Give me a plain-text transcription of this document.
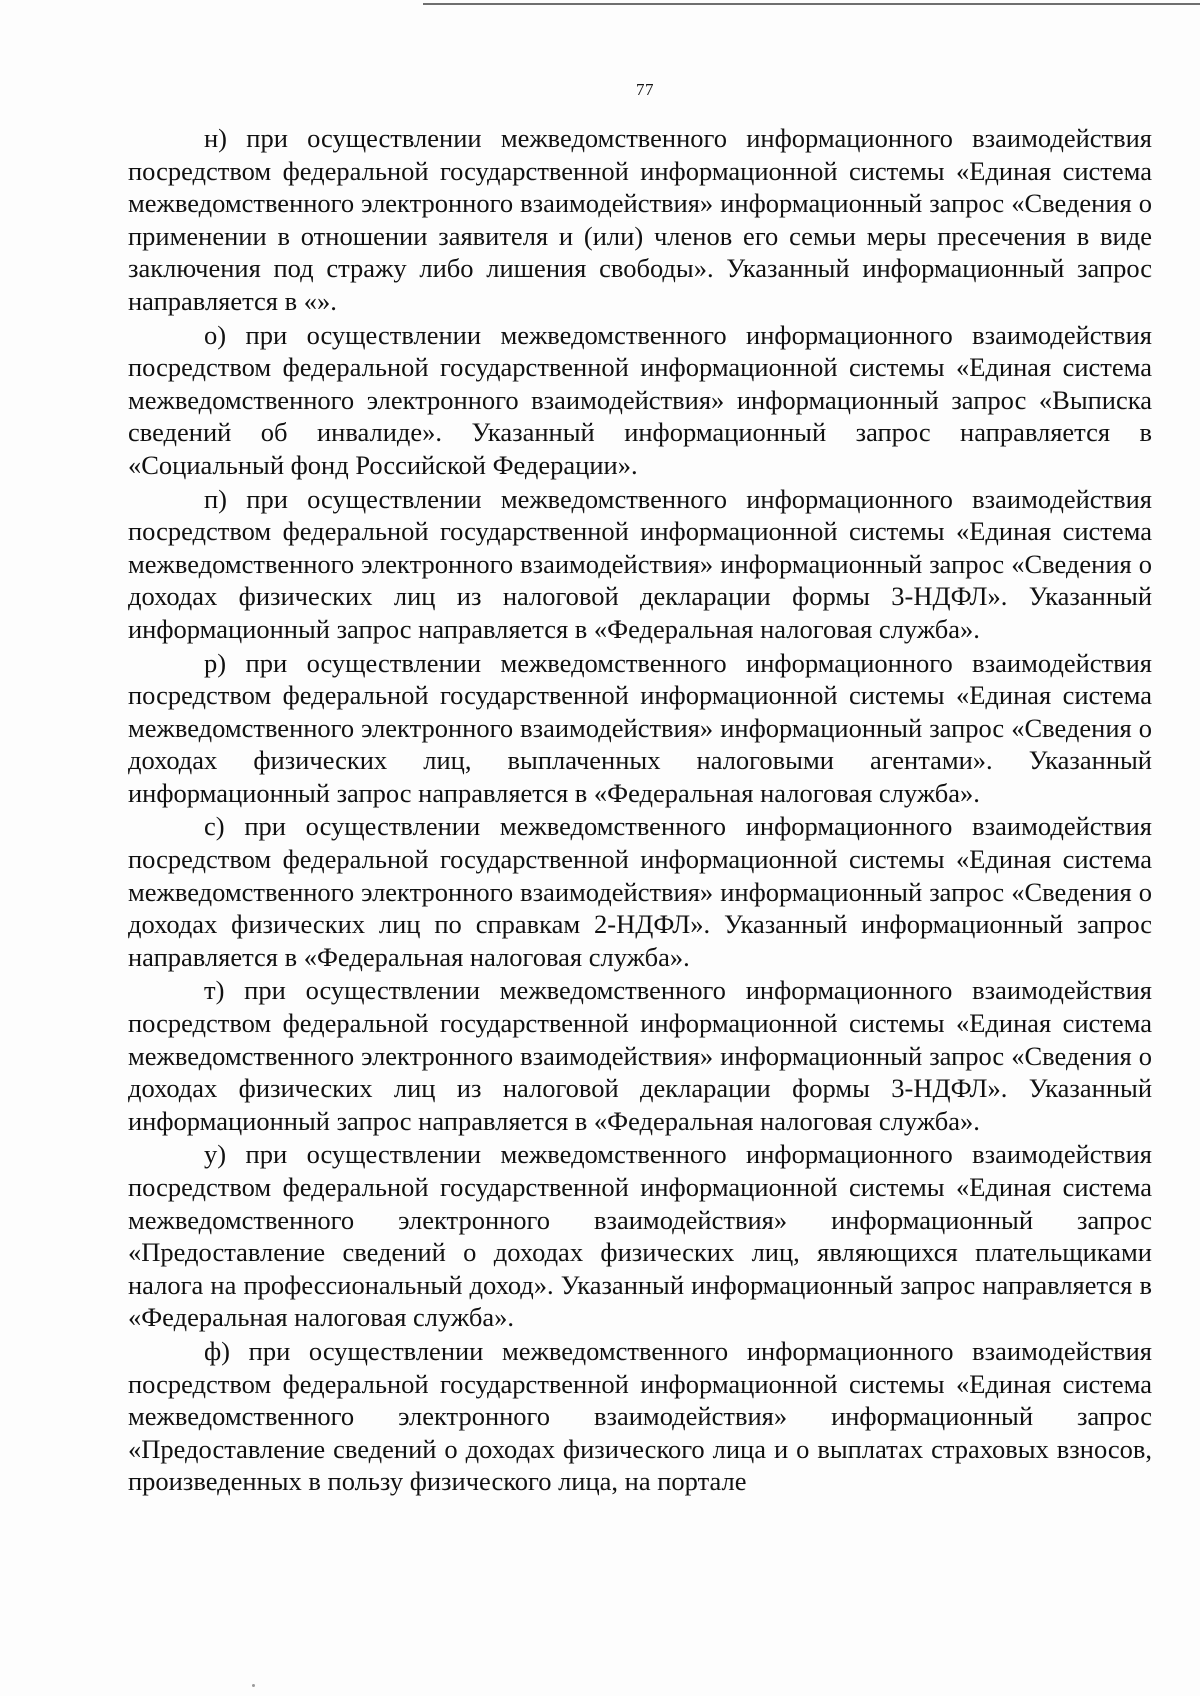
77

н) при осуществлении межведомственного информационного взаимодействия посредством федеральной государственной информационной системы «Единая система межведомственного электронного взаимодействия» информационный запрос «Сведения о применении в отношении заявителя и (или) членов его семьи меры пресечения в виде заключения под стражу либо лишения свободы». Указанный информационный запрос направляется в «».

о) при осуществлении межведомственного информационного взаимодействия посредством федеральной государственной информационной системы «Единая система межведомственного электронного взаимодействия» информационный запрос «Выписка сведений об инвалиде». Указанный информационный запрос направляется в «Социальный фонд Российской Федерации».

п) при осуществлении межведомственного информационного взаимодействия посредством федеральной государственной информационной системы «Единая система межведомственного электронного взаимодействия» информационный запрос «Сведения о доходах физических лиц из налоговой декларации формы 3-НДФЛ». Указанный информационный запрос направляется в «Федеральная налоговая служба».

р) при осуществлении межведомственного информационного взаимодействия посредством федеральной государственной информационной системы «Единая система межведомственного электронного взаимодействия» информационный запрос «Сведения о доходах физических лиц, выплаченных налоговыми агентами». Указанный информационный запрос направляется в «Федеральная налоговая служба».

с) при осуществлении межведомственного информационного взаимодействия посредством федеральной государственной информационной системы «Единая система межведомственного электронного взаимодействия» информационный запрос «Сведения о доходах физических лиц по справкам 2-НДФЛ». Указанный информационный запрос направляется в «Федеральная налоговая служба».

т) при осуществлении межведомственного информационного взаимодействия посредством федеральной государственной информационной системы «Единая система межведомственного электронного взаимодействия» информационный запрос «Сведения о доходах физических лиц из налоговой декларации формы 3-НДФЛ». Указанный информационный запрос направляется в «Федеральная налоговая служба».

у) при осуществлении межведомственного информационного взаимодействия посредством федеральной государственной информационной системы «Единая система межведомственного электронного взаимодействия» информационный запрос «Предоставление сведений о доходах физических лиц, являющихся плательщиками налога на профессиональный доход». Указанный информационный запрос направляется в «Федеральная налоговая служба».

ф) при осуществлении межведомственного информационного взаимодействия посредством федеральной государственной информационной системы «Единая система межведомственного электронного взаимодействия» информационный запрос «Предоставление сведений о доходах физического лица и о выплатах страховых взносов, произведенных в пользу физического лица, на портале
